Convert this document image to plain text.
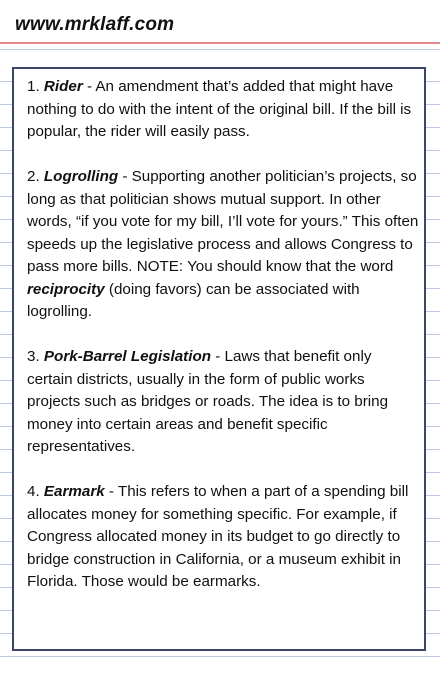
www.mrklaff.com

1. Rider - An amendment that’s added that might have nothing to do with the intent of the original bill. If the bill is popular, the rider will easily pass.

2. Logrolling - Supporting another politician’s projects, so long as that politician shows mutual support. In other words, “if you vote for my bill, I’ll vote for yours.” This often speeds up the legislative process and allows Congress to pass more bills. NOTE: You should know that the word reciprocity (doing favors) can be associated with logrolling.

3. Pork-Barrel Legislation - Laws that benefit only certain districts, usually in the form of public works projects such as bridges or roads. The idea is to bring money into certain areas and benefit specific representatives.

4. Earmark - This refers to when a part of a spending bill allocates money for something specific. For example, if Congress allocated money in its budget to go directly to bridge construction in California, or a museum exhibit in Florida. Those would be earmarks.
